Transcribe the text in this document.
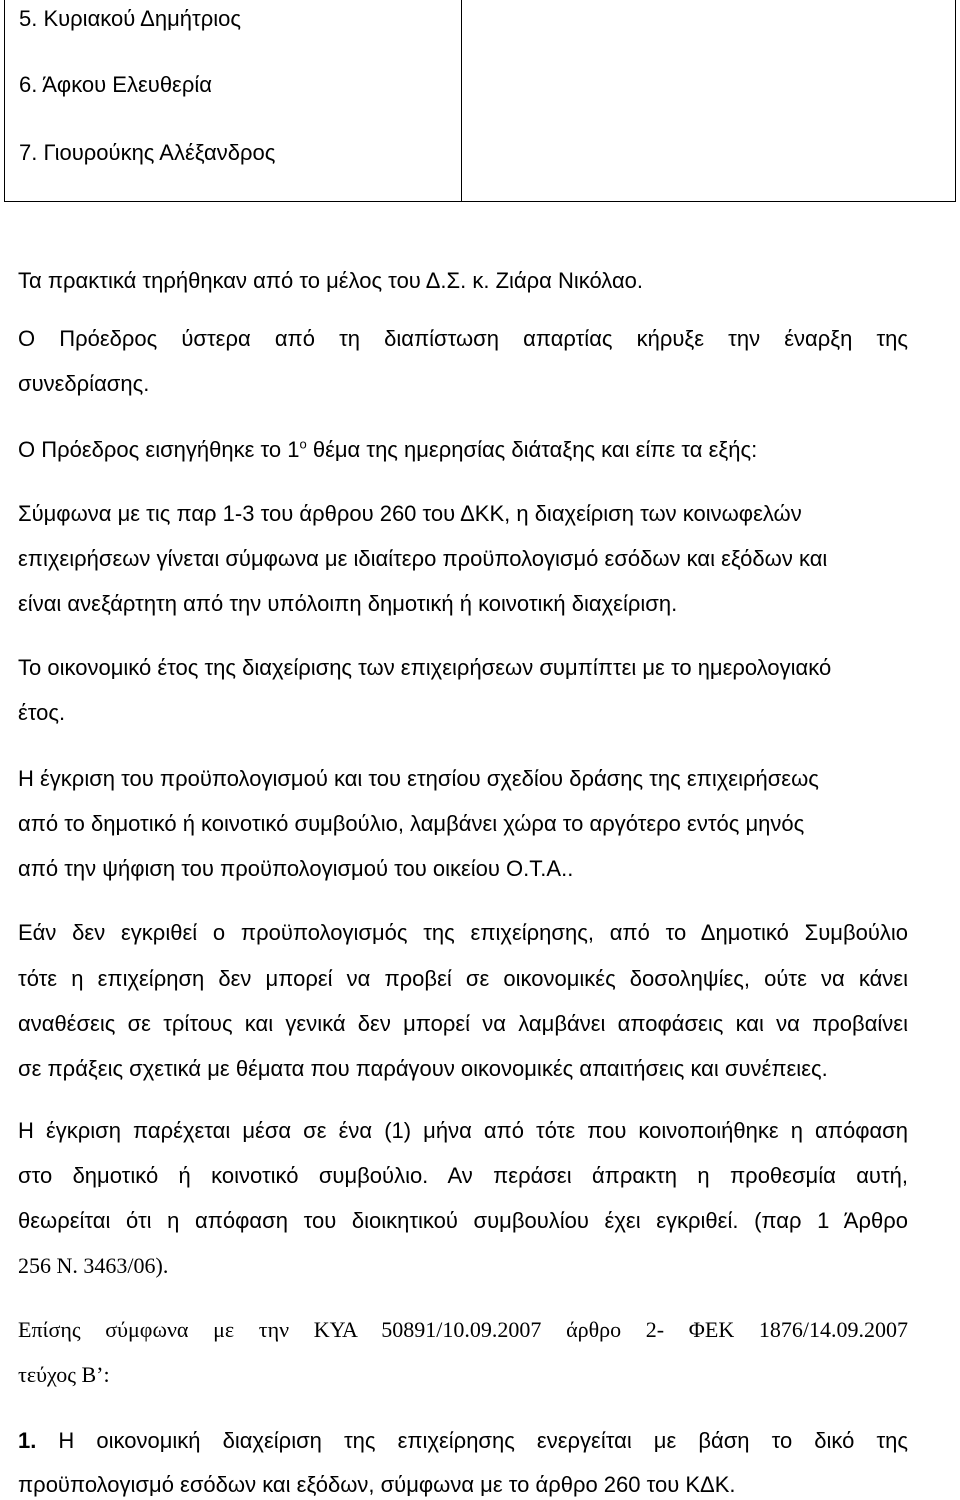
5. Κυριακού Δημήτριος
6. Άφκου Ελευθερία
7. Γιουρούκης Αλέξανδρος
Τα πρακτικά τηρήθηκαν από το μέλος του Δ.Σ. κ. Ζιάρα Νικόλαο.
Ο Πρόεδρος ύστερα από τη διαπίστωση απαρτίας κήρυξε την έναρξη της
συνεδρίασης.
Ο Πρόεδρος εισηγήθηκε το $1^o$ θέμα της ημερησίας διάταξης και είπε τα εξής:
Σύμφωνα με τις παρ 1-3 του άρθρου 260 του ΔΚΚ, η διαχείριση των κοινωφελών
επιχειρήσεων γίνεται σύμφωνα με ιδιαίτερο προϋπολογισμό εσόδων και εξόδων και
είναι ανεξάρτητη από την υπόλοιπη δημοτική ή κοινοτική διαχείριση.
Το οικονομικό έτος της διαχείρισης των επιχειρήσεων συμπίπτει με το ημερολογιακό
έτος.
Η έγκριση του προϋπολογισμού και του ετησίου σχεδίου δράσης της επιχειρήσεως
από το δημοτικό ή κοινοτικό συμβούλιο, λαμβάνει χώρα το αργότερο εντός μηνός
από την ψήφιση του προϋπολογισμού του οικείου Ο.Τ.Α..
Εάν δεν εγκριθεί ο προϋπολογισμός της επιχείρησης, από το Δημοτικό Συμβούλιο
τότε η επιχείρηση δεν μπορεί να προβεί σε οικονομικές δοσοληψίες, ούτε να κάνει
αναθέσεις σε τρίτους και γενικά δεν μπορεί να λαμβάνει αποφάσεις και να προβαίνει
σε πράξεις σχετικά με θέματα που παράγουν οικονομικές απαιτήσεις και συνέπειες.
Η έγκριση παρέχεται μέσα σε ένα (1) μήνα από τότε που κοινοποιήθηκε η απόφαση
στο δημοτικό ή κοινοτικό συμβούλιο. Αν περάσει άπρακτη η προθεσμία αυτή,
θεωρείται ότι η απόφαση του διοικητικού συμβουλίου έχει εγκριθεί. (παρ 1 Άρθρο
256 Ν. 3463/06).
Επίσης σύμφωνα με την ΚΥΑ 50891/10.09.2007 άρθρο 2- ΦΕΚ 1876/14.09.2007
τεύχος Β’:
1. Η οικονομική διαχείριση της επιχείρησης ενεργείται με βάση το δικό της
προϋπολογισμό εσόδων και εξόδων, σύμφωνα με το άρθρο 260 του ΚΔΚ.
